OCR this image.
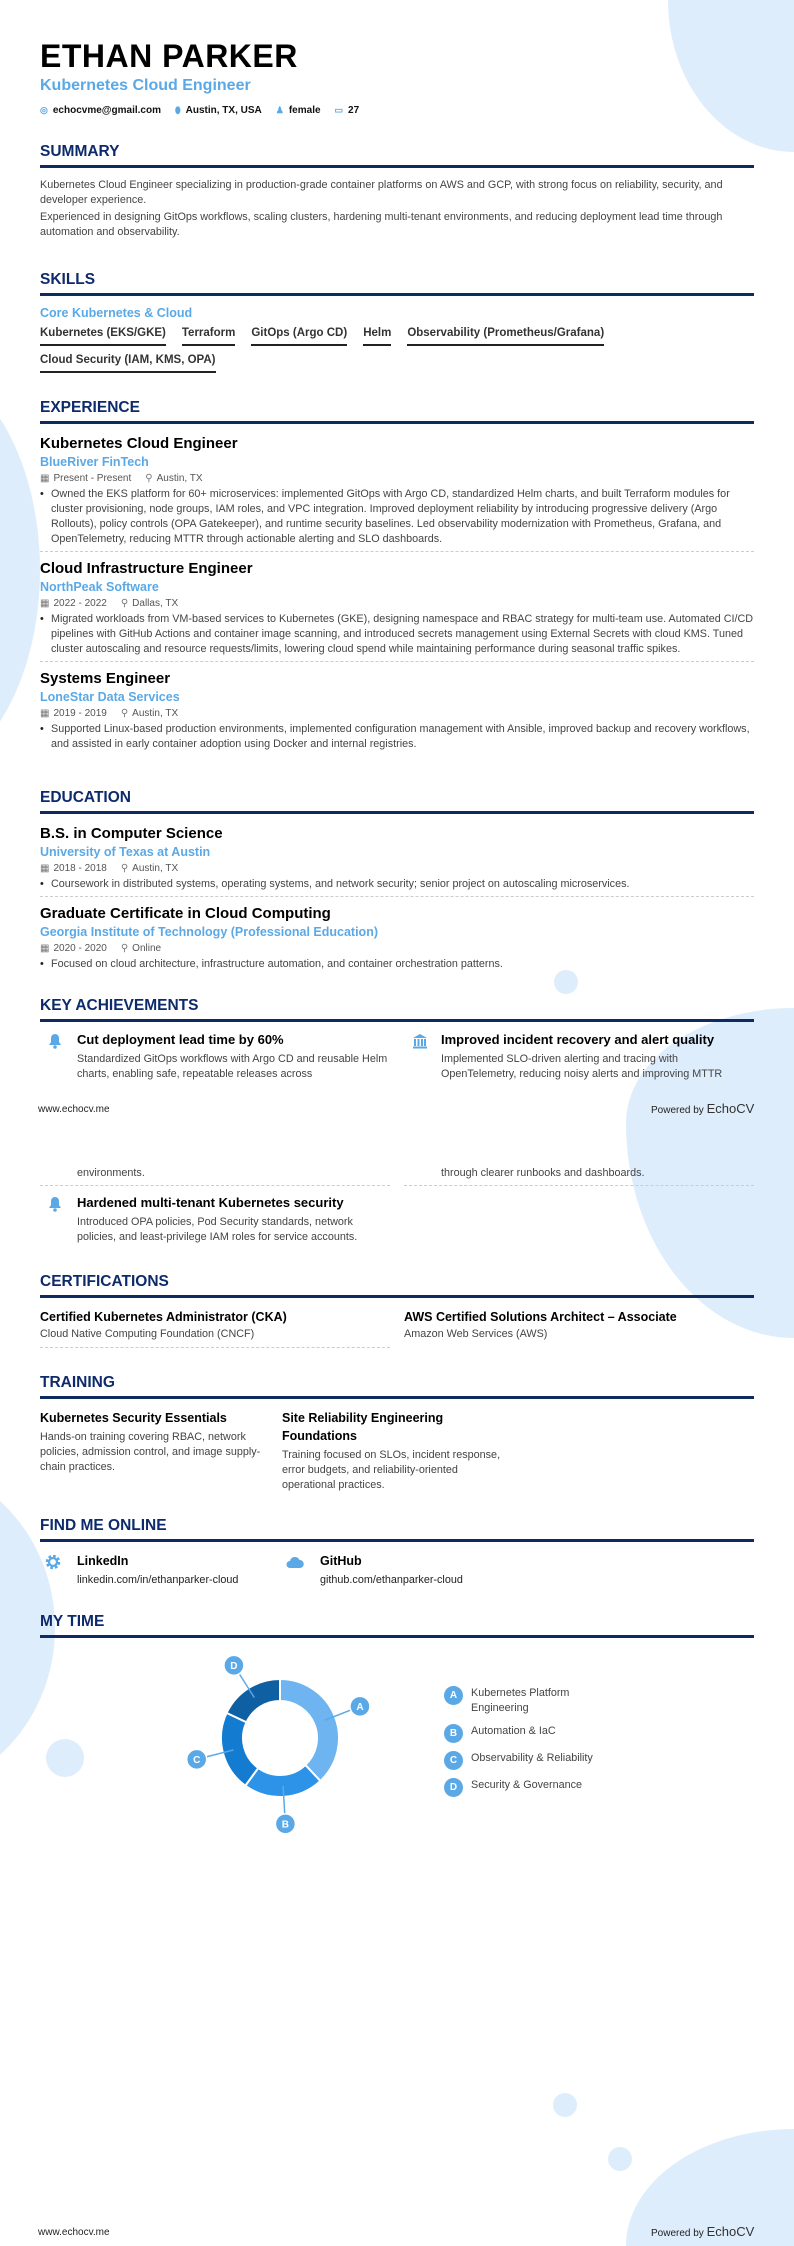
ETHAN PARKER
Kubernetes Cloud Engineer
◎ echocvme@gmail.com ⬮ Austin, TX, USA ♟ female ▭ 27
SUMMARY

Kubernetes Cloud Engineer specializing in production-grade container platforms on AWS and GCP, with strong focus on reliability, security, and developer experience.

Experienced in designing GitOps workflows, scaling clusters, hardening multi-tenant environments, and reducing deployment lead time through automation and observability.

SKILLS
Core Kubernetes & Cloud
Kubernetes (EKS/GKE) Terraform GitOps (Argo CD) Helm Observability (Prometheus/Grafana)
Cloud Security (IAM, KMS, OPA)
EXPERIENCE
Kubernetes Cloud Engineer
BlueRiver FinTech
▦ Present - Present ⚲ Austin, TX
• Owned the EKS platform for 60+ microservices: implemented GitOps with Argo CD, standardized Helm charts, and built Terraform modules for cluster provisioning, node groups, IAM roles, and VPC integration. Improved deployment reliability by introducing progressive delivery (Argo Rollouts), policy controls (OPA Gatekeeper), and runtime security baselines. Led observability modernization with Prometheus, Grafana, and OpenTelemetry, reducing MTTR through actionable alerting and SLO dashboards.
Cloud Infrastructure Engineer
NorthPeak Software
▦ 2022 - 2022 ⚲ Dallas, TX
• Migrated workloads from VM-based services to Kubernetes (GKE), designing namespace and RBAC strategy for multi-team use. Automated CI/CD pipelines with GitHub Actions and container image scanning, and introduced secrets management using External Secrets with cloud KMS. Tuned cluster autoscaling and resource requests/limits, lowering cloud spend while maintaining performance during seasonal traffic spikes.
Systems Engineer
LoneStar Data Services
▦ 2019 - 2019 ⚲ Austin, TX
• Supported Linux-based production environments, implemented configuration management with Ansible, improved backup and recovery workflows, and assisted in early container adoption using Docker and internal registries.
EDUCATION
B.S. in Computer Science
University of Texas at Austin
▦ 2018 - 2018 ⚲ Austin, TX
• Coursework in distributed systems, operating systems, and network security; senior project on autoscaling microservices.
Graduate Certificate in Cloud Computing
Georgia Institute of Technology (Professional Education)
▦ 2020 - 2020 ⚲ Online
• Focused on cloud architecture, infrastructure automation, and container orchestration patterns.
KEY ACHIEVEMENTS
Cut deployment lead time by 60%
Standardized GitOps workflows with Argo CD and reusable Helm charts, enabling safe, repeatable releases across
Improved incident recovery and alert quality
Implemented SLO-driven alerting and tracing with OpenTelemetry, reducing noisy alerts and improving MTTR
www.echocv.me	Powered by EchoCV
environments.	through clearer runbooks and dashboards.
Hardened multi-tenant Kubernetes security
Introduced OPA policies, Pod Security standards, network policies, and least-privilege IAM roles for service accounts.
CERTIFICATIONS
Certified Kubernetes Administrator (CKA)
Cloud Native Computing Foundation (CNCF)
AWS Certified Solutions Architect – Associate
Amazon Web Services (AWS)
TRAINING
Kubernetes Security Essentials

Hands-on training covering RBAC, network policies, admission control, and image supply-chain practices.

Site Reliability Engineering Foundations

Training focused on SLOs, incident response, error budgets, and reliability-oriented operational practices.

FIND ME ONLINE
LinkedIn
linkedin.com/in/ethanparker-cloud
GitHub
github.com/ethanparker-cloud
MY TIME
www.echocv.me	Powered by EchoCV
A
B
C
D
A	Kubernetes Platform Engineering
B	Automation & IaC
C	Observability & Reliability
D	Security & Governance
